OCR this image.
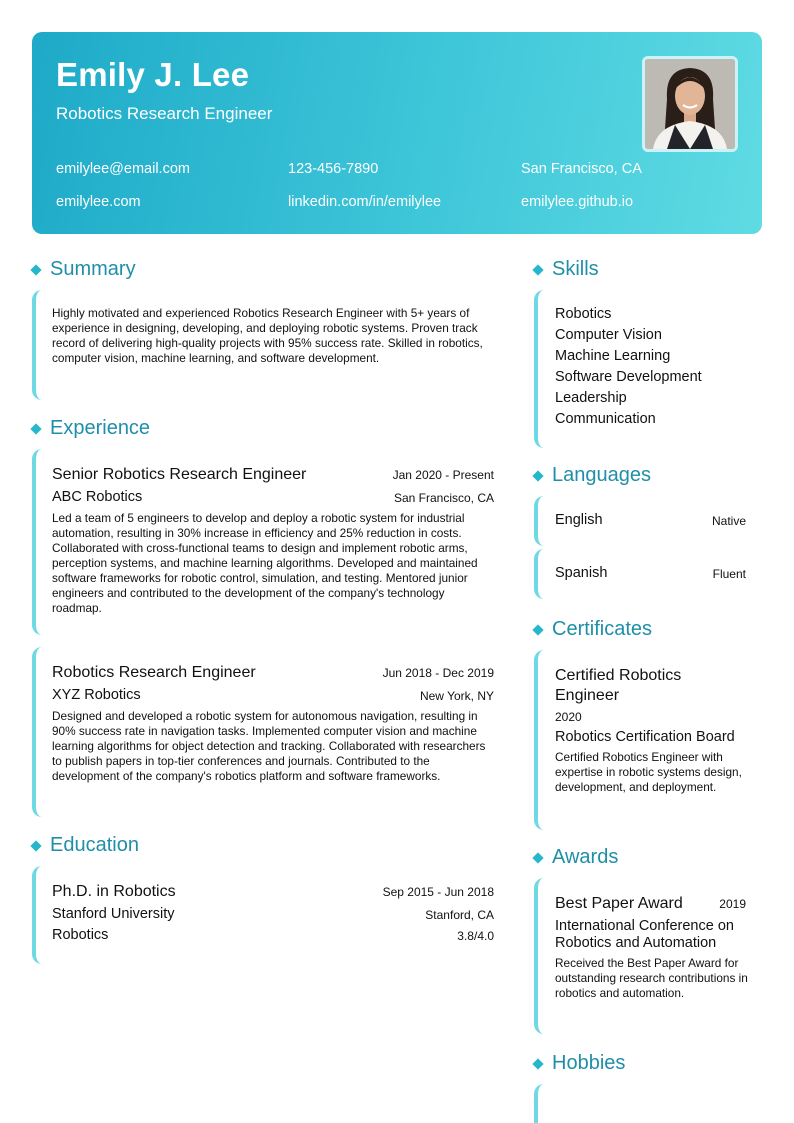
Emily J. Lee
Robotics Research Engineer
emilylee@email.com	123-456-7890	San Francisco, CA
emilylee.com	linkedin.com/in/emilylee	emilylee.github.io
Summary
Highly motivated and experienced Robotics Research Engineer with 5+ years of experience in designing, developing, and deploying robotic systems. Proven track record of delivering high-quality projects with 95% success rate. Skilled in robotics, computer vision, machine learning, and software development.
Experience
Senior Robotics Research Engineer	Jan 2020 - Present
ABC Robotics	San Francisco, CA
Led a team of 5 engineers to develop and deploy a robotic system for industrial automation, resulting in 30% increase in efficiency and 25% reduction in costs. Collaborated with cross-functional teams to design and implement robotic arms, perception systems, and machine learning algorithms. Developed and maintained software frameworks for robotic control, simulation, and testing. Mentored junior engineers and contributed to the development of the company's technology roadmap.
Robotics Research Engineer	Jun 2018 - Dec 2019
XYZ Robotics	New York, NY
Designed and developed a robotic system for autonomous navigation, resulting in 90% success rate in navigation tasks. Implemented computer vision and machine learning algorithms for object detection and tracking. Collaborated with researchers to publish papers in top-tier conferences and journals. Contributed to the development of the company's robotics platform and software frameworks.
Education
Ph.D. in Robotics	Sep 2015 - Jun 2018
Stanford University	Stanford, CA
Robotics	3.8/4.0
Skills
Robotics
Computer Vision
Machine Learning
Software Development
Leadership
Communication
Languages
English	Native
Spanish	Fluent
Certificates
Certified Robotics
Engineer
2020
Robotics Certification Board
Certified Robotics Engineer with expertise in robotic systems design, development, and deployment.
Awards
Best Paper Award	2019
International Conference on
Robotics and Automation
Received the Best Paper Award for outstanding research contributions in robotics and automation.
Hobbies
